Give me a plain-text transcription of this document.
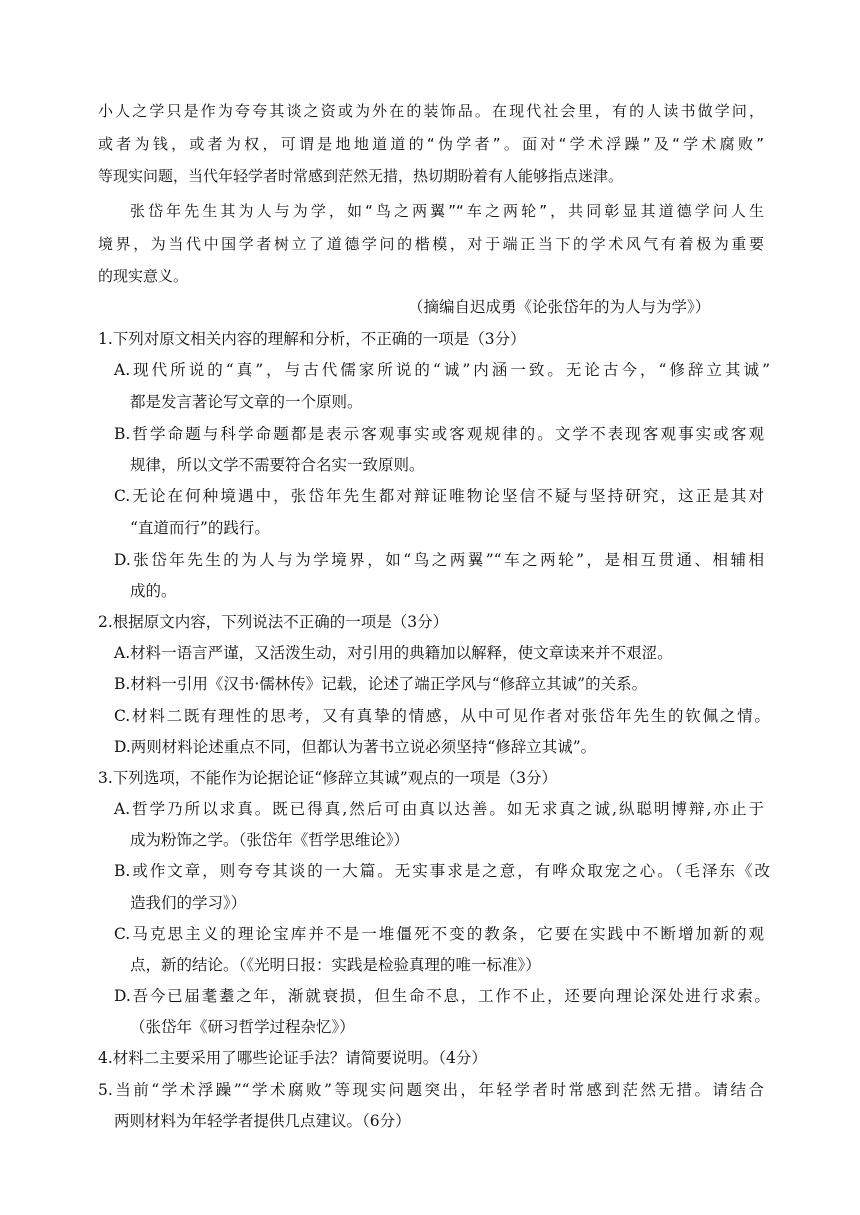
小人之学只是作为夸夸其谈之资或为外在的装饰品。在现代社会里，有的人读书做学问，
或者为钱，或者为权，可谓是地地道道的“伪学者”。面对“学术浮躁”及“学术腐败”
等现实问题，当代年轻学者时常感到茫然无措，热切期盼着有人能够指点迷津。
张岱年先生其为人与为学，如“鸟之两翼”“车之两轮”，共同彰显其道德学问人生
境界，为当代中国学者树立了道德学问的楷模，对于端正当下的学术风气有着极为重要
的现实意义。
（摘编自迟成勇《论张岱年的为人与为学》）
1.下列对原文相关内容的理解和分析，不正确的一项是（3分）
A.现代所说的“真”，与古代儒家所说的“诚”内涵一致。无论古今，“修辞立其诚”
都是发言著论写文章的一个原则。
B.哲学命题与科学命题都是表示客观事实或客观规律的。文学不表现客观事实或客观
规律，所以文学不需要符合名实一致原则。
C.无论在何种境遇中，张岱年先生都对辩证唯物论坚信不疑与坚持研究，这正是其对
“直道而行”的践行。
D.张岱年先生的为人与为学境界，如“鸟之两翼”“车之两轮”，是相互贯通、相辅相
成的。
2.根据原文内容，下列说法不正确的一项是（3分）
A.材料一语言严谨，又活泼生动，对引用的典籍加以解释，使文章读来并不艰涩。
B.材料一引用《汉书·儒林传》记载，论述了端正学风与“修辞立其诚”的关系。
C.材料二既有理性的思考，又有真挚的情感，从中可见作者对张岱年先生的钦佩之情。
D.两则材料论述重点不同，但都认为著书立说必须坚持“修辞立其诚”。
3.下列选项，不能作为论据论证“修辞立其诚”观点的一项是（3分）
A.哲学乃所以求真。既已得真,然后可由真以达善。如无求真之诚,纵聪明博辩,亦止于
成为粉饰之学。（张岱年《哲学思维论》）
B.或作文章，则夸夸其谈的一大篇。无实事求是之意，有哗众取宠之心。（毛泽东《改
造我们的学习》）
C.马克思主义的理论宝库并不是一堆僵死不变的教条，它要在实践中不断增加新的观
点，新的结论。（《光明日报：实践是检验真理的唯一标准》）
D.吾今已届耄耋之年，渐就衰损，但生命不息，工作不止，还要向理论深处进行求索。
（张岱年《研习哲学过程杂忆》）
4.材料二主要采用了哪些论证手法？请简要说明。（4分）
5.当前“学术浮躁”“学术腐败”等现实问题突出，年轻学者时常感到茫然无措。请结合
两则材料为年轻学者提供几点建议。（6分）
